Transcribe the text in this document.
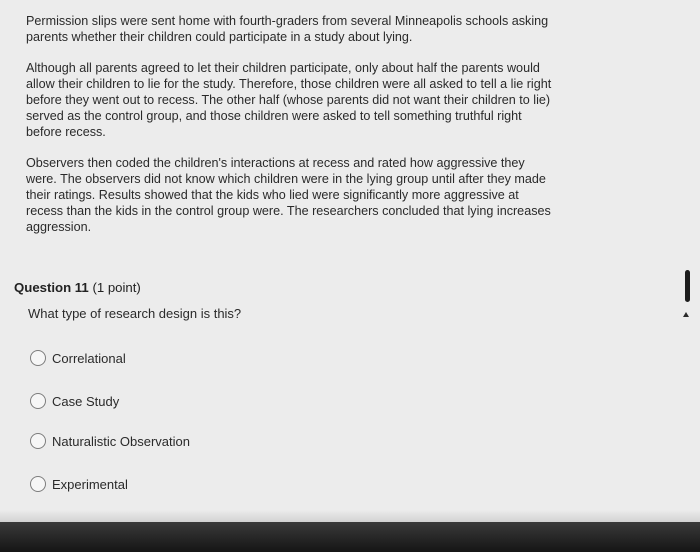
Permission slips were sent home with fourth-graders from several Minneapolis schools asking parents whether their children could participate in a study about lying.

Although all parents agreed to let their children participate, only about half the parents would allow their children to lie for the study. Therefore, those children were all asked to tell a lie right before they went out to recess. The other half (whose parents did not want their children to lie) served as the control group, and those children were asked to tell something truthful right before recess.

Observers then coded the children's interactions at recess and rated how aggressive they were. The observers did not know which children were in the lying group until after they made their ratings. Results showed that the kids who lied were significantly more aggressive at recess than the kids in the control group were. The researchers concluded that lying increases aggression.

Question 11 (1 point)
What type of research design is this?
Correlational
Case Study
Naturalistic Observation
Experimental
